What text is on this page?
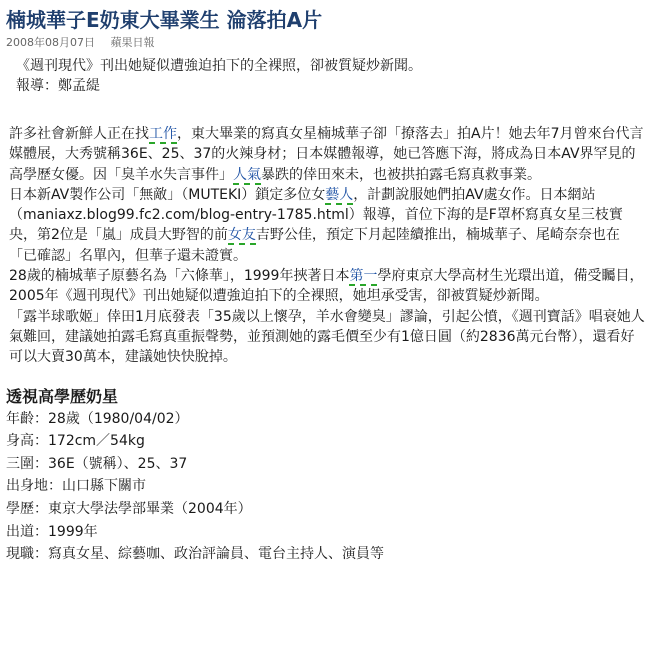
楠城華子E奶東大畢業生 淪落拍A片
2008年08月07日 蘋果日報

《週刊現代》刊出她疑似遭強迫拍下的全裸照，卻被質疑炒新聞。

報導：鄭孟緹

許多社會新鮮人正在找工作，東大畢業的寫真女星楠城華子卻「撩落去」拍A片！她去年7月曾來台代言媒體展，大秀號稱36E、25、37的火辣身材；日本媒體報導，她已答應下海，將成為日本AV界罕見的高學歷女優。因「臭羊水失言事件」人氣暴跌的倖田來未，也被拱拍露毛寫真救事業。

日本新AV製作公司「無敵」（MUTEKI）鎖定多位女藝人，計劃說服她們拍AV處女作。日本網站（maniaxz.blog99.fc2.com/blog-entry-1785.html）報導，首位下海的是F罩杯寫真女星三枝實央，第2位是「嵐」成員大野智的前女友吉野公佳，預定下月起陸續推出，楠城華子、尾崎奈奈也在「已確認」名單內，但華子還未證實。

28歲的楠城華子原藝名為「六條華」，1999年挾著日本第一學府東京大學高材生光環出道，備受矚目，2005年《週刊現代》刊出她疑似遭強迫拍下的全裸照，她坦承受害，卻被質疑炒新聞。

「露半球歌姬」倖田1月底發表「35歲以上懷孕，羊水會變臭」謬論，引起公憤，《週刊寶話》唱衰她人氣難回，建議她拍露毛寫真重振聲勢，並預測她的露毛價至少有1億日圓（約2836萬元台幣），還看好可以大賣30萬本，建議她快快脫掉。

透視高學歷奶星
年齡：28歲（1980/04/02）
身高：172cm／54kg
三圍：36E（號稱）、25、37
出身地：山口縣下關市
學歷：東京大學法學部畢業（2004年）
出道：1999年
現職：寫真女星、綜藝咖、政治評論員、電台主持人、演員等
